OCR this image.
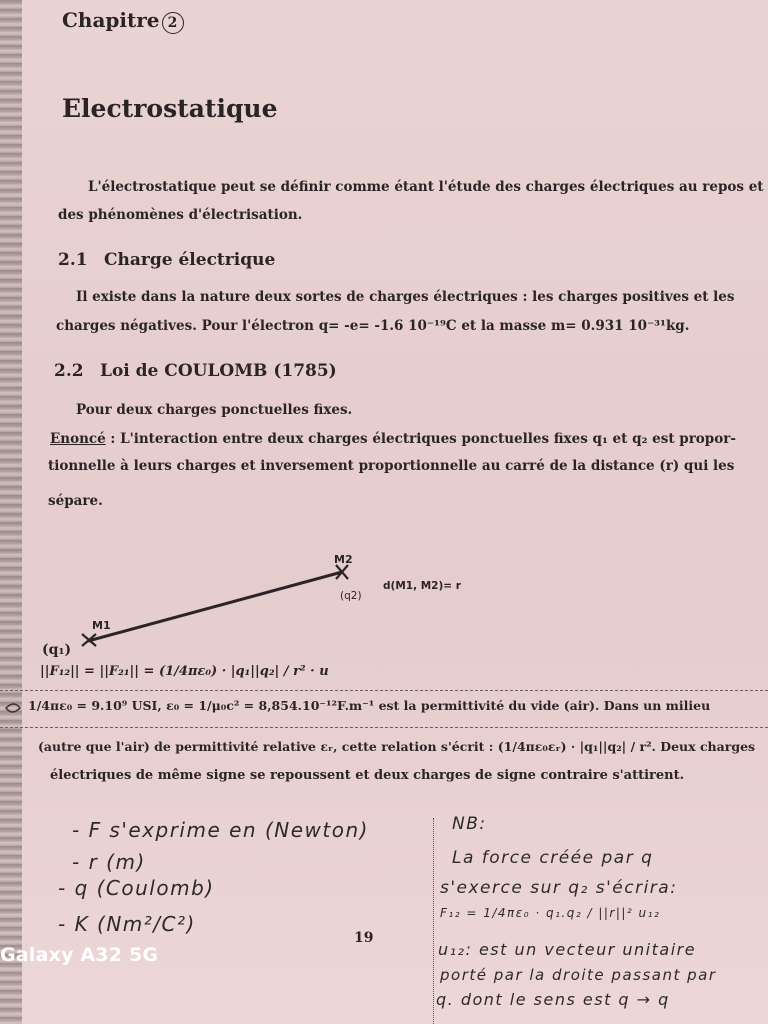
Chapitre 2
Electrostatique
L'électrostatique peut se définir comme étant l'étude des charges électriques au repos et
des phénomènes d'électrisation.
2.1 Charge électrique
Il existe dans la nature deux sortes de charges électriques : les charges positives et les
charges négatives. Pour l'électron q= -e= -1.6 10⁻¹⁹C et la masse m= 0.931 10⁻³¹kg.
2.2 Loi de COULOMB (1785)
Pour deux charges ponctuelles fixes.
Enoncé : L'interaction entre deux charges électriques ponctuelles fixes q₁ et q₂ est propor-
tionnelle à leurs charges et inversement proportionnelle au carré de la distance (r) qui les
sépare.
M2
(q2)
d(M1, M2)= r
M1
(q₁)
||F₁₂|| = ||F₂₁|| = (1/4πε₀) · |q₁||q₂| / r² · u
1/4πε₀ = 9.10⁹ USI, ε₀ = 1/μ₀c² = 8,854.10⁻¹²F.m⁻¹ est la permittivité du vide (air). Dans un milieu
(autre que l'air) de permittivité relative εᵣ, cette relation s'écrit : (1/4πε₀εᵣ) · |q₁||q₂| / r². Deux charges
électriques de même signe se repoussent et deux charges de signe contraire s'attirent.
- F s'exprime en (Newton)
- r (m)
- q (Coulomb)
- K (Nm²/C²)
NB:
La force créée par q
s'exerce sur q₂ s'écrira:
F₁₂ = 1/4πε₀ · q₁.q₂ / ||r||² u₁₂
u₁₂: est un vecteur unitaire
porté par la droite passant par
q. dont le sens est q → q
19
Galaxy A32 5G
